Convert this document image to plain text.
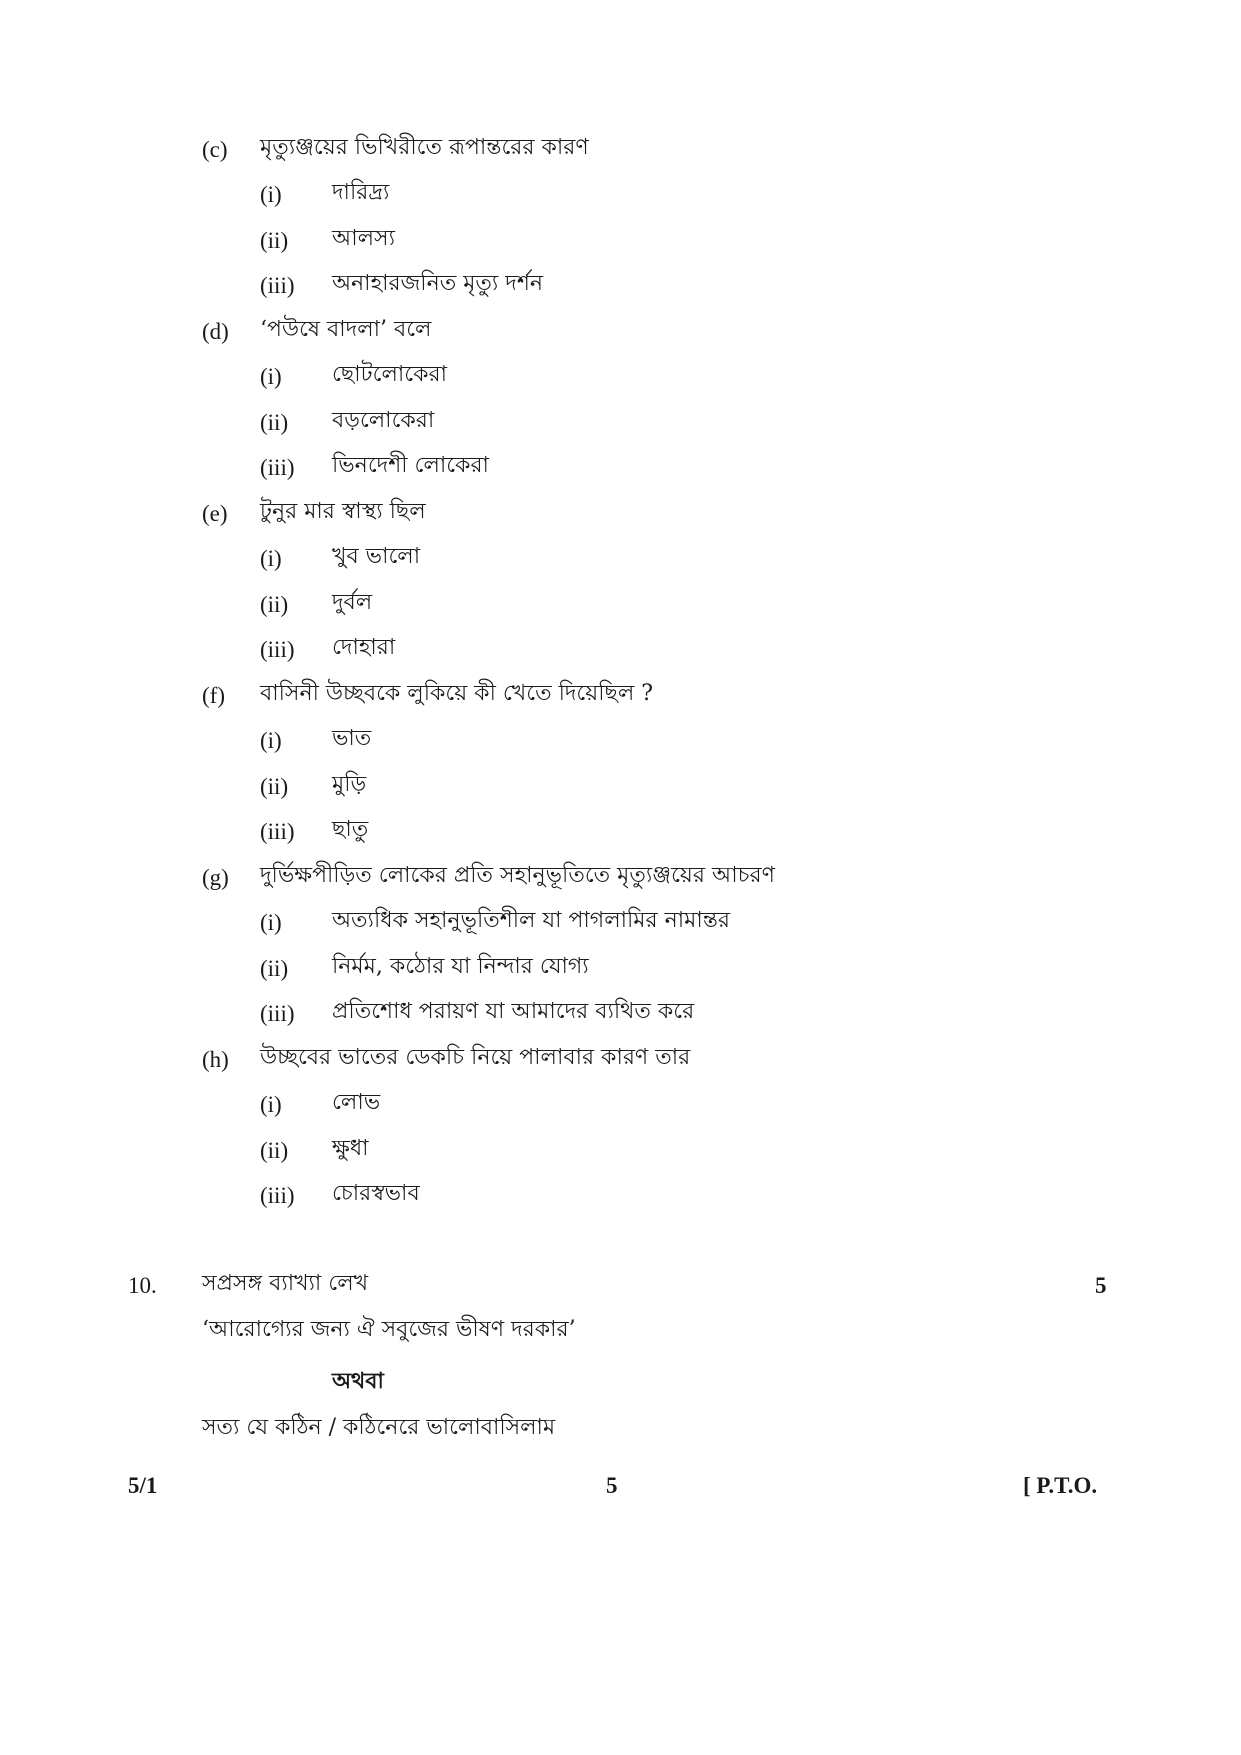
(c) মৃত্যুঞ্জয়ের ভিখিরীতে রূপান্তরের কারণ
(i) দারিদ্র্য
(ii) আলস্য
(iii) অনাহারজনিত মৃত্যু দর্শন
(d) ‘পউষে বাদলা’ বলে
(i) ছোটলোকেরা
(ii) বড়লোকেরা
(iii) ভিনদেশী লোকেরা
(e) টুনুর মার স্বাস্থ্য ছিল
(i) খুব ভালো
(ii) দুর্বল
(iii) দোহারা
(f) বাসিনী উচ্ছবকে লুকিয়ে কী খেতে দিয়েছিল ?
(i) ভাত
(ii) মুড়ি
(iii) ছাতু
(g) দুর্ভিক্ষপীড়িত লোকের প্রতি সহানুভূতিতে মৃত্যুঞ্জয়ের আচরণ
(i) অত্যধিক সহানুভূতিশীল যা পাগলামির নামান্তর
(ii) নির্মম, কঠোর যা নিন্দার যোগ্য
(iii) প্রতিশোধ পরায়ণ যা আমাদের ব্যথিত করে
(h) উচ্ছবের ভাতের ডেকচি নিয়ে পালাবার কারণ তার
(i) লোভ
(ii) ক্ষুধা
(iii) চোরস্বভাব
10. সপ্রসঙ্গ ব্যাখ্যা লেখ	5
‘আরোগ্যের জন্য ঐ সবুজের ভীষণ দরকার’
অথবা
সত্য যে কঠিন / কঠিনেরে ভালোবাসিলাম
5/1	5	[ P.T.O.
